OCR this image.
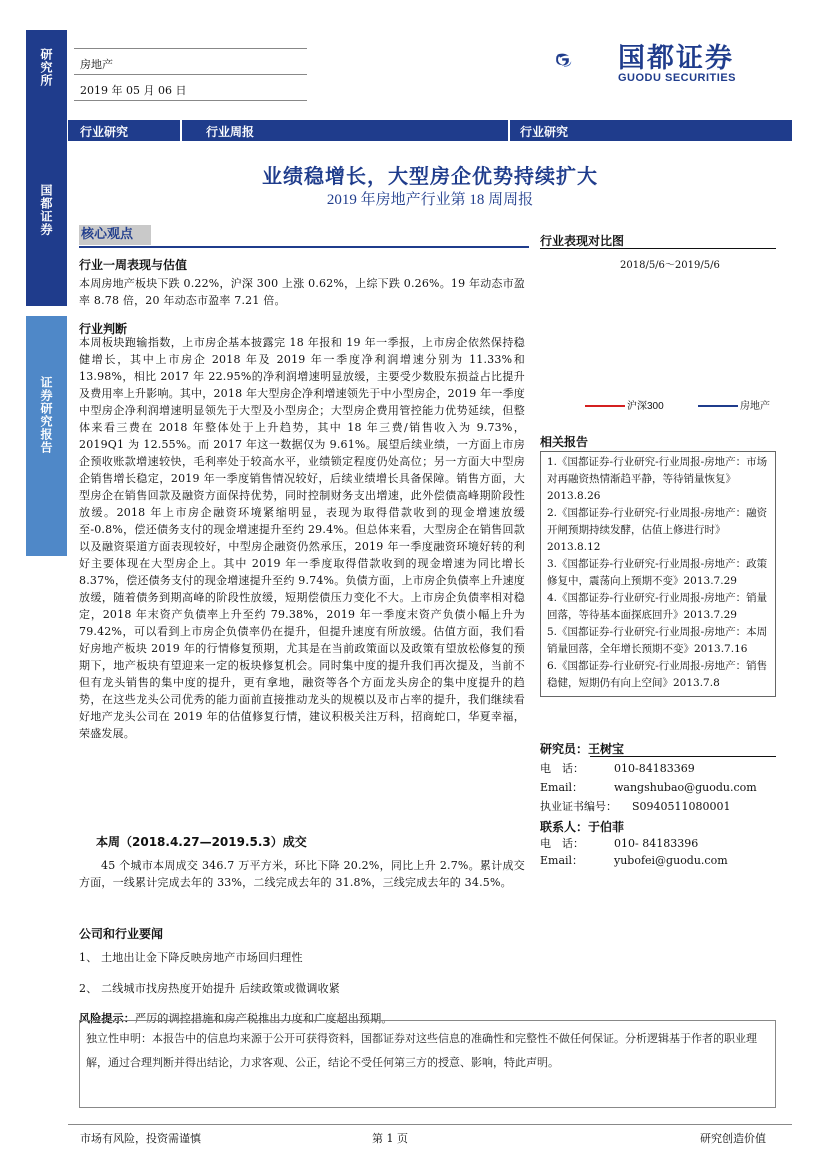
研究所
国都证券
证券研究报告
房地产
2019 年 05 月 06 日
国都证券
GUODU SECURITIES
行业研究	行业周报	行业研究
业绩稳增长，大型房企优势持续扩大
2019 年房地产行业第 18 周周报
核心观点
行业一周表现与估值
本周房地产板块下跌 0.22%，沪深 300 上涨 0.62%，上综下跌 0.26%。19 年动态市盈率 8.78 倍，20 年动态市盈率 7.21 倍。
行业判断
本周板块跑输指数，上市房企基本披露完 18 年报和 19 年一季报，上市房企依然保持稳健增长，其中上市房企 2018 年及 2019 年一季度净利润增速分别为 11.33%和 13.98%，相比 2017 年 22.95%的净利润增速明显放缓，主要受少数股东损益占比提升及费用率上升影响。其中，2018 年大型房企净利增速领先于中小型房企，2019 年一季度中型房企净利润增速明显领先于大型及小型房企；大型房企费用管控能力优势延续，但整体来看三费在 2018 年整体处于上升趋势，其中 18 年三费/销售收入为 9.73%，2019Q1 为 12.55%。而 2017 年这一数据仅为 9.61%。展望后续业绩，一方面上市房企预收账款增速较快，毛利率处于较高水平，业绩锁定程度仍处高位；另一方面大中型房企销售增长稳定，2019 年一季度销售情况较好，后续业绩增长具备保障。销售方面，大型房企在销售回款及融资方面保持优势，同时控制财务支出增速，此外偿债高峰期阶段性放缓。2018 年上市房企融资环境紧缩明显，表现为取得借款收到的现金增速放缓至-0.8%，偿还债务支付的现金增速提升至约 29.4%。但总体来看，大型房企在销售回款以及融资渠道方面表现较好，中型房企融资仍然承压，2019 年一季度融资环境好转的利好主要体现在大型房企上。其中 2019 年一季度取得借款收到的现金增速为同比增长 8.37%，偿还债务支付的现金增速提升至约 9.74%。负债方面，上市房企负债率上升速度放缓，随着债务到期高峰的阶段性放缓，短期偿债压力变化不大。上市房企负债率相对稳定，2018 年末资产负债率上升至约 79.38%，2019 年一季度末资产负债小幅上升为 79.42%，可以看到上市房企负债率仍在提升，但提升速度有所放缓。估值方面，我们看好房地产板块 2019 年的行情修复预期，尤其是在当前政策面以及政策有望放松修复的预期下，地产板块有望迎来一定的板块修复机会。同时集中度的提升我们再次提及，当前不但有龙头销售的集中度的提升，更有拿地，融资等各个方面龙头房企的集中度提升的趋势，在这些龙头公司优秀的能力面前直接推动龙头的规模以及市占率的提升，我们继续看好地产龙头公司在 2019 年的估值修复行情，建议积极关注万科，招商蛇口，华夏幸福，荣盛发展。
本周（2018.4.27—2019.5.3）成交
45 个城市本周成交 346.7 万平方米，环比下降 20.2%，同比上升 2.7%。累计成交方面，一线累计完成去年的 33%，二线完成去年的 31.8%，三线完成去年的 34.5%。
公司和行业要闻
1、 土地出让金下降反映房地产市场回归理性
2、 二线城市找房热度开始提升 后续政策或微调收紧
风险提示：严厉的调控措施和房产税推出力度和广度超出预期。
行业表现对比图
2018/5/6～2019/5/6
沪深300	房地产
相关报告
1.《国都证券-行业研究-行业周报-房地产：市场对再融资热情渐趋平静，等待销量恢复》2013.8.26
2.《国都证券-行业研究-行业周报-房地产：融资开闸预期持续发酵，估值上修进行时》2013.8.12
3.《国都证券-行业研究-行业周报-房地产：政策修复中，震荡向上预期不变》2013.7.29
4.《国都证券-行业研究-行业周报-房地产：销量回落，等待基本面探底回升》2013.7.29
5.《国都证券-行业研究-行业周报-房地产：本周销量回落，全年增长预期不变》2013.7.16
6.《国都证券-行业研究-行业周报-房地产：销售稳健，短期仍有向上空间》2013.7.8
研究员：王树宝
电　话：	010-84183369
Email：	wangshubao@guodu.com
执业证书编号： S0940511080001
联系人：于伯菲
电　话：	010- 84183396
Email：	yubofei@guodu.com
独立性申明：本报告中的信息均来源于公开可获得资料，国都证券对这些信息的准确性和完整性不做任何保证。分析逻辑基于作者的职业理解，通过合理判断并得出结论，力求客观、公正，结论不受任何第三方的授意、影响，特此声明。
市场有风险，投资需谨慎	第 1 页	研究创造价值
